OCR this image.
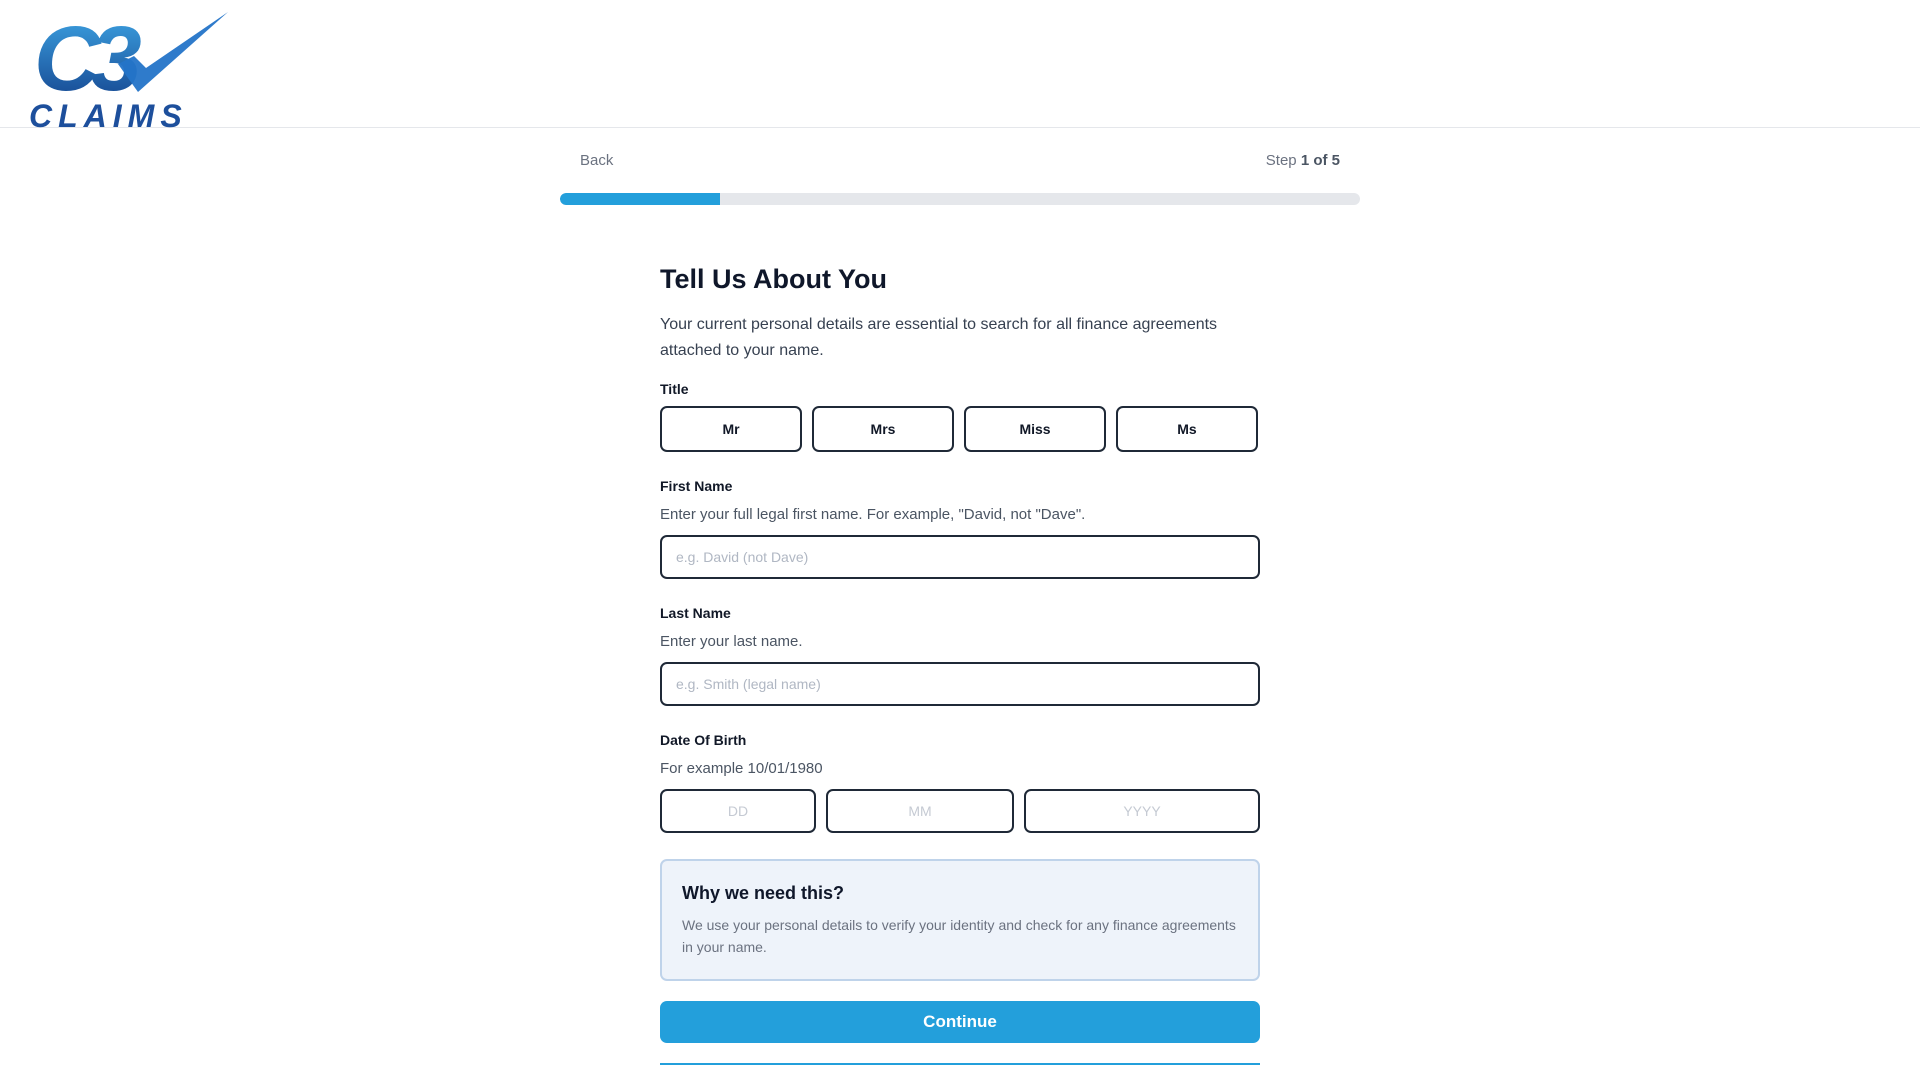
C3
CLAIMS
Back	Step 1 of 5
Tell Us About You
Your current personal details are essential to search for all finance agreements attached to your name.
Title
Mr	Mrs	Miss	Ms
First Name
Enter your full legal first name. For example, "David, not "Dave".
e.g. David (not Dave)
Last Name
Enter your last name.
e.g. Smith (legal name)
Date Of Birth
For example 10/01/1980
DD
MM
YYYY
Why we need this?
We use your personal details to verify your identity and check for any finance agreements in your name.
Continue
